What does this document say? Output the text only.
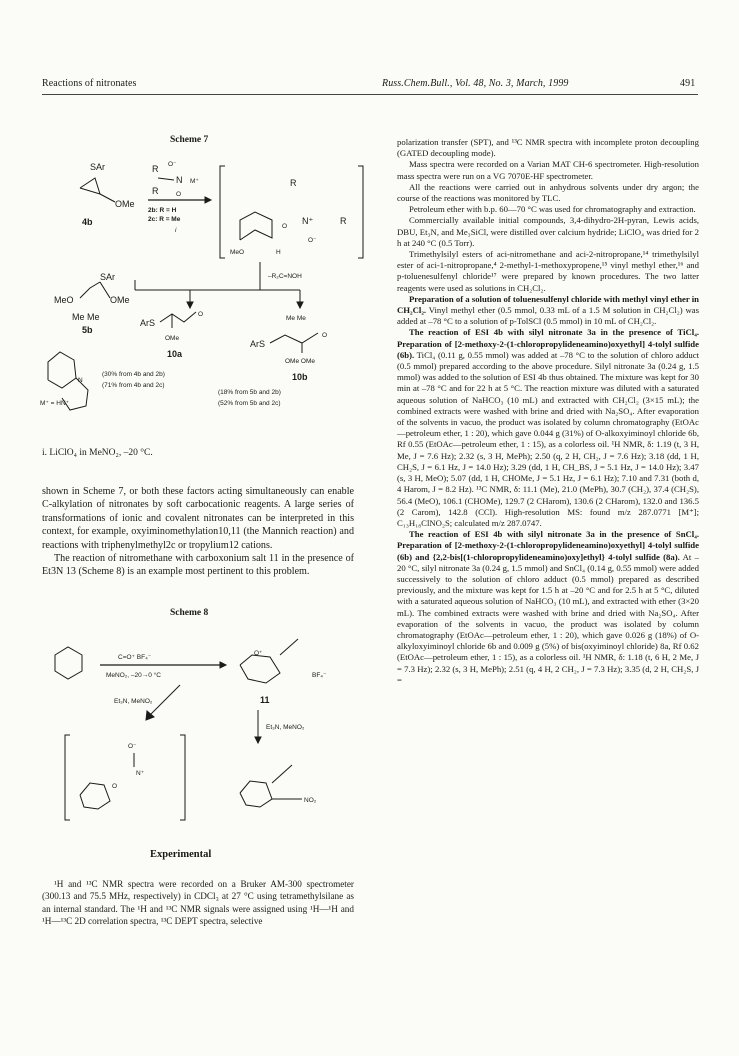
Reactions of nitronates	Russ.Chem.Bull., Vol. 48, No. 3, March, 1999	491
Scheme 7
SAr
OMe
4b
R O⁻
N M⁺
R	O
2b: R = H
2c: R = Me
i
R
R
O
N⁺
O⁻
MeO	H
SAr
MeO	OMe
Me Me
5b
–R₂C=NOH
ArS
O
OMe
10a
Me Me
ArS
O
OMe OMe
10b
N
M⁺ = HN⁺
(30% from 4b and 2b)
(71% from 4b and 2c)
(18% from 5b and 2b)
(52% from 5b and 2c)
i. LiClO₄ in MeNO₂, –20 °C.

shown in Scheme 7, or both these factors acting simultaneously can enable C-alkylation of nitronates by soft carbocationic reagents. A large series of transformations of ionic and covalent nitronates can be interpreted in this context, for example, oxyiminomethylation10,11 (the Mannich reaction) and reactions with triphenylmethyl2c or tropylium12 cations.

The reaction of nitromethane with carboxonium salt 11 in the presence of Et3N 13 (Scheme 8) is an example most pertinent to this problem.

Scheme 8
C=O⁺ BF₄⁻
MeNO₂, –20→0 °C
O⁺
BF₄⁻
11
Et₃N, MeNO₂
Et₃N, MeNO₂
O⁻
O
N⁺
NO₂
Experimental

¹H and ¹³C NMR spectra were recorded on a Bruker AM-300 spectrometer (300.13 and 75.5 MHz, respectively) in CDCl₃ at 27 °C using tetramethylsilane as an internal standard. The ¹H and ¹³C NMR signals were assigned using ¹H—¹H and ¹H—¹³C 2D correlation spectra, ¹³C DEPT spectra, selective

polarization transfer (SPT), and ¹³C NMR spectra with incomplete proton decoupling (GATED decoupling mode).

Mass spectra were recorded on a Varian MAT CH-6 spectrometer. High-resolution mass spectra were run on a VG 7070E-HF spectrometer.

All the reactions were carried out in anhydrous solvents under dry argon; the course of the reactions was monitored by TLC.

Petroleum ether with b.p. 60—70 °C was used for chromatography and extraction.

Commercially available initial compounds, 3,4-dihydro-2H-pyran, Lewis acids, DBU, Et₃N, and Me₃SiCl, were distilled over calcium hydride; LiClO₄ was dried for 2 h at 240 °C (0.5 Torr).

Trimethylsilyl esters of aci-nitromethane and aci-2-nitropropane,¹⁴ trimethylsilyl ester of aci-1-nitropropane,⁴ 2-methyl-1-methoxypropene,¹⁵ vinyl methyl ether,¹⁶ and p-toluenesulfenyl chloride¹⁷ were prepared by known procedures. The two latter reagents were used as solutions in CH₂Cl₂.

Preparation of a solution of toluenesulfenyl chloride with methyl vinyl ether in CH₂Cl₂. Vinyl methyl ether (0.5 mmol, 0.33 mL of a 1.5 M solution in CH₂Cl₂) was added at –78 °C to a solution of p-TolSCl (0.5 mmol) in 10 mL of CH₂Cl₂.

The reaction of ESI 4b with silyl nitronate 3a in the presence of TiCl₄. Preparation of [2-methoxy-2-(1-chloropropylideneamino)oxyethyl] 4-tolyl sulfide (6b). TiCl₄ (0.11 g, 0.55 mmol) was added at –78 °C to the solution of chloro adduct (0.5 mmol) prepared according to the above procedure. Silyl nitronate 3a (0.24 g, 1.5 mmol) was added to the solution of ESI 4b thus obtained. The mixture was kept for 30 min at –78 °C and for 22 h at 5 °C. The reaction mixture was diluted with a saturated aqueous solution of NaHCO₃ (10 mL) and extracted with CH₂Cl₂ (3×15 mL); the combined extracts were washed with brine and dried with Na₂SO₄. After evaporation of the solvents in vacuo, the product was isolated by column chromatography (EtOAc—petroleum ether, 1 : 20), which gave 0.044 g (31%) of O-alkoxyiminoyl chloride 6b, Rf 0.55 (EtOAc—petroleum ether, 1 : 15), as a colorless oil. ¹H NMR, δ: 1.19 (t, 3 H, Me, J = 7.6 Hz); 2.32 (s, 3 H, MePh); 2.50 (q, 2 H, CH₂, J = 7.6 Hz); 3.18 (dd, 1 H, CH₂S, J = 6.1 Hz, J = 14.0 Hz); 3.29 (dd, 1 H, CH_BS, J = 5.1 Hz, J = 14.0 Hz); 3.47 (s, 3 H, MeO); 5.07 (dd, 1 H, CHOMe, J = 5.1 Hz, J = 6.1 Hz); 7.10 and 7.31 (both d, 4 Harom, J = 8.2 Hz). ¹³C NMR, δ: 11.1 (Me), 21.0 (MePh), 30.7 (CH₂), 37.4 (CH₂S), 56.4 (MeO), 106.1 (CHOMe), 129.7 (2 CHarom), 130.6 (2 CHarom), 132.0 and 136.5 (2 Carom), 142.8 (CCl). High-resolution MS: found m/z 287.0771 [M⁺]; C₁₃H₁₈ClNO₂S; calculated m/z 287.0747.

The reaction of ESI 4b with silyl nitronate 3a in the presence of SnCl₄. Preparation of [2-methoxy-2-(1-chloropropylideneamino)oxyethyl] 4-tolyl sulfide (6b) and {2,2-bis[(1-chloropropylideneamino)oxy]ethyl} 4-tolyl sulfide (8a). At –20 °C, silyl nitronate 3a (0.24 g, 1.5 mmol) and SnCl₄ (0.14 g, 0.55 mmol) were added successively to the solution of chloro adduct (0.5 mmol) prepared as described previously, and the mixture was kept for 1.5 h at –20 °C and for 2.5 h at 5 °C, diluted with a saturated aqueous solution of NaHCO₃ (10 mL), and extracted with ether (3×20 mL). The combined extracts were washed with brine and dried with Na₂SO₄. After evaporation of the solvents in vacuo, the product was isolated by column chromatography (EtOAc—petroleum ether, 1 : 20), which gave 0.026 g (18%) of O-alkyloxyiminoyl chloride 6b and 0.009 g (5%) of bis(oxyiminoyl chloride) 8a, Rf 0.62 (EtOAc—petroleum ether, 1 : 15), as a colorless oil. ¹H NMR, δ: 1.18 (t, 6 H, 2 Me, J = 7.3 Hz); 2.32 (s, 3 H, MePh); 2.51 (q, 4 H, 2 CH₂, J = 7.3 Hz); 3.35 (d, 2 H, CH₂S, J =
